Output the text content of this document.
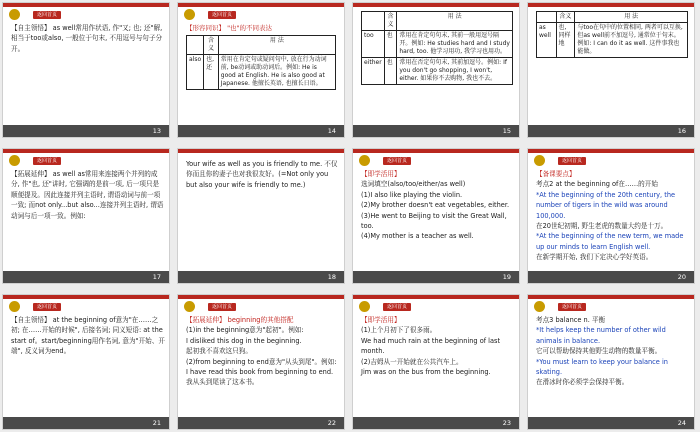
返回首页
【自主领悟】 as well常用作状语, 作"又; 也; 还"解, 相当于too或also, 一般位于句末, 不用逗号与句子分开。
13
返回首页
【形容同识】 "也"的不同表达
	含义	用 法
also	也, 还	常用在肯定句或疑问句中, 放在行为动词前, be动词或助动词后。例如: He is good at English. He is also good at Japanese. 他擅长英语, 也擅长日语。
14
	含义	用 法
too	也	常用在肯定句句末, 其前一般用逗号隔开。例如: He studies hard and I study hard, too. 他学习用功, 我学习也用功。
either	也	常用在否定句句末, 其前加逗号。例如: If you don't go shopping, I won't, either. 如果你不去购物, 我也不去。
15
	含义	用 法
as well	也, 同样地	与too在句中的位置相同, 两者可以互换, 但as well前不加逗号, 通常位于句末。例如: I can do it as well. 这件事我也能做。
16
返回首页
【拓展延伸】 as well as常用来连接两个并列的成分, 作"也, 还"讲时, 它强调的是前一项, 后一项只是顺便提及。因此连接并列主语时, 谓语动词与前一项一致; 而not only...but also...连接并列主语时, 谓语动词与后一项一致。例如:
17
Your wife as well as you is friendly to me. 不仅你而且你的妻子也对我很友好。(=Not only you but also your wife is friendly to me.)
18
返回首页
【即学活用】
选词填空(also/too/either/as well)
(1)I also like playing the violin.
(2)My brother doesn't eat vegetables, either.
(3)He went to Beijing to visit the Great Wall, too.
(4)My mother is a teacher as well.
19
返回首页
【备课要点】
考点2 at the beginning of在……的开始
*At the beginning of the 20th century, the number of tigers in the wild was around 100,000.
在20世纪初期, 野生老虎的数量大约是十万。
*At the beginning of the new term, we made up our minds to learn English well.
在新学期开始, 我们下定决心学好英语。
20
返回首页
【自主领悟】 at the beginning of意为"在……之初; 在……开始的时候", 后接名词; 同义短语: at the start of。start/beginning用作名词, 意为"开始、开端", 反义词为end。
21
返回首页
【拓展延伸】 beginning的其他搭配
(1)in the beginning意为"起初"。例如:
I disliked this dog in the beginning.
起初我不喜欢这只狗。
(2)from beginning to end意为"从头到尾"。例如:
I have read this book from beginning to end.
我从头到尾读了这本书。
22
返回首页
【即学活用】
(1)上个月初下了很多雨。
We had much rain at the beginning of last month.
(2)吉姆从一开始就在公共汽车上。
Jim was on the bus from the beginning.
23
返回首页
考点3 balance n. 平衡
*It helps keep the number of other wild animals in balance.
它可以帮助保持其他野生动物的数量平衡。
*You must learn to keep your balance in skating.
在滑冰时你必须学会保持平衡。
24
